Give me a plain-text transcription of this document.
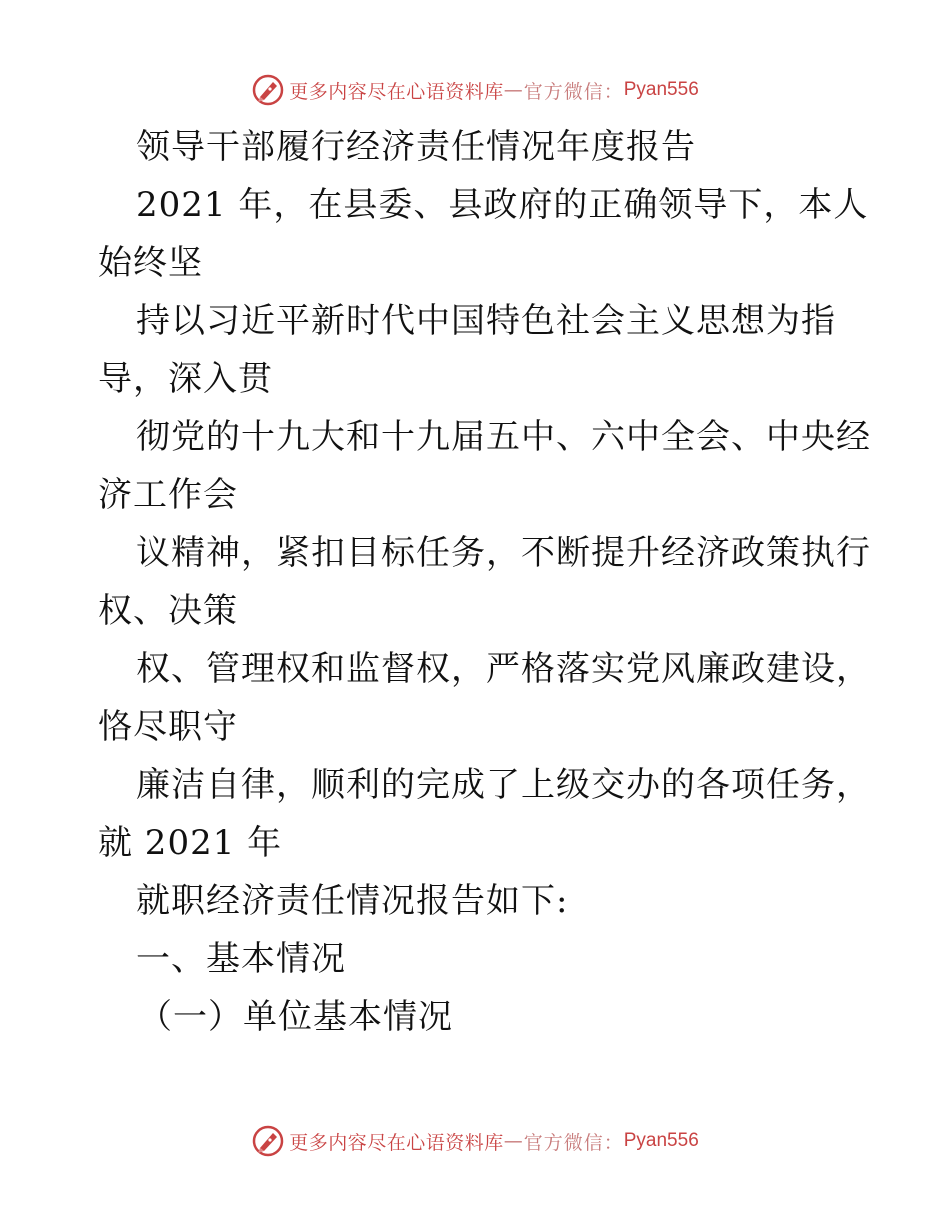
更多内容尽在心语资料库 — 官方微信： Pyan556
领导干部履行经济责任情况年度报告
2021 年，在县委、县政府的正确领导下，本人
始终坚
持以习近平新时代中国特色社会主义思想为指
导，深入贯
彻党的十九大和十九届五中、六中全会、中央经
济工作会
议精神，紧扣目标任务，不断提升经济政策执行
权、决策
权、管理权和监督权，严格落实党风廉政建设，
恪尽职守
廉洁自律，顺利的完成了上级交办的各项任务，
就 2021 年
就职经济责任情况报告如下:
一、基本情况
（一）单位基本情况
更多内容尽在心语资料库 — 官方微信： Pyan556
